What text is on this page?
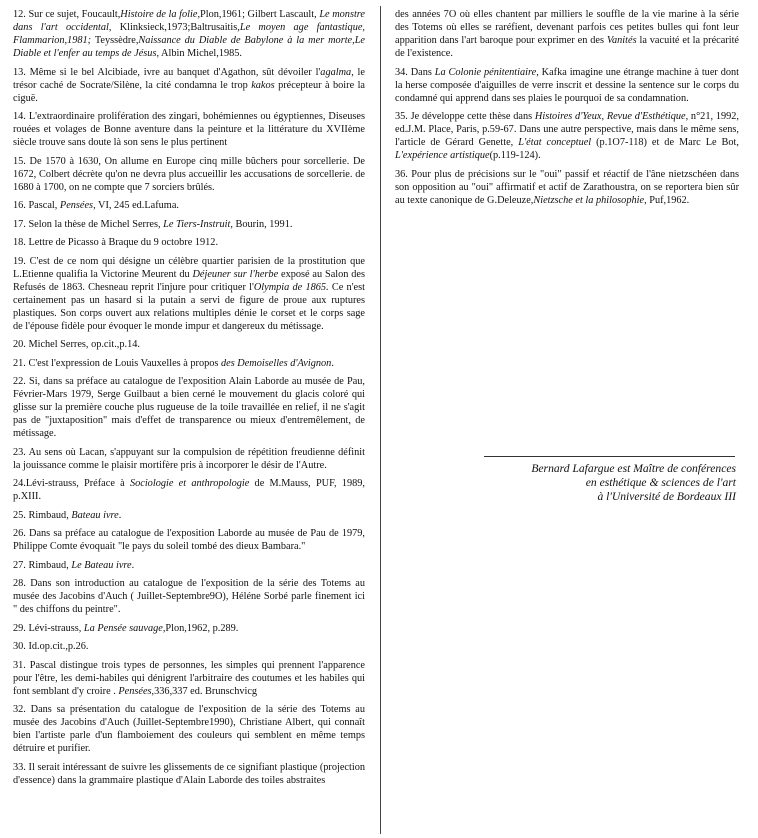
12. Sur ce sujet, Foucault,Histoire de la folie,Plon,1961; Gilbert Lascault, Le monstre dans l'art occidental, Klinksieck,1973;Baltrusaitis,Le moyen age fantastique, Flammarion,1981; Teyssèdre,Naissance du Diable de Babylone à la mer morte,Le Diable et l'enfer au temps de Jésus, Albin Michel,1985.

13. Même si le bel Alcibiade, ivre au banquet d'Agathon, sût dévoiler l'agalma, le trésor caché de Socrate/Silène, la cité condamna le trop kakos précepteur à boire la ciguë.

14. L'extraordinaire prolifération des zingari, bohémiennes ou égyptiennes, Diseuses rouées et volages de Bonne aventure dans la peinture et la littérature du XVIIème siècle trouve sans doute là son sens le plus pertinent

15. De 1570 à 1630, On allume en Europe cinq mille bûchers pour sorcellerie. De 1672, Colbert décrète qu'on ne devra plus accueillir les accusations de sorcellerie. de 1680 à 1700, on ne compte que 7 sorciers brûlés.

16. Pascal, Pensées, VI, 245 ed.Lafuma.

17. Selon la thèse de Michel Serres, Le Tiers-Instruit, Bourin, 1991.

18. Lettre de Picasso à Braque du 9 octobre 1912.

19. C'est de ce nom qui désigne un célèbre quartier parisien de la prostitution que L.Etienne qualifia la Victorine Meurent du Déjeuner sur l'herbe exposé au Salon des Refusés de 1863. Chesneau reprit l'injure pour critiquer l'Olympia de 1865. Ce n'est certainement pas un hasard si la putain a servi de figure de proue aux ruptures plastiques. Son corps ouvert aux relations multiples dénie le corset et le corps sage de l'épouse fidèle pour évoquer le monde impur et dangereux du métissage.

20. Michel Serres, op.cit.,p.14.

21. C'est l'expression de Louis Vauxelles à propos des Demoiselles d'Avignon.

22. Si, dans sa préface au catalogue de l'exposition Alain Laborde au musée de Pau, Février-Mars 1979, Serge Guilbaut a bien cerné le mouvement du glacis coloré qui glisse sur la première couche plus rugueuse de la toile travaillée en relief, il ne s'agit pas de "juxtaposition" mais d'effet de transparence ou mieux d'entremêlement, de métissage.

23. Au sens où Lacan, s'appuyant sur la compulsion de répétition freudienne définit la jouissance comme le plaisir mortifère pris à incorporer le désir de l'Autre.

24.Lévi-strauss, Préface à Sociologie et anthropologie de M.Mauss, PUF, 1989, p.XIII.

25. Rimbaud, Bateau ivre.

26. Dans sa préface au catalogue de l'exposition Laborde au musée de Pau de 1979, Philippe Comte évoquait "le pays du soleil tombé des dieux Bambara."

27. Rimbaud, Le Bateau ivre.

28. Dans son introduction au catalogue de l'exposition de la série des Totems au musée des Jacobins d'Auch ( Juillet-Septembre9O), Héléne Sorbé parle finement ici " des chiffons du peintre".

29. Lévi-strauss, La Pensée sauvage,Plon,1962, p.289.

30. Id.op.cit.,p.26.

31. Pascal distingue trois types de personnes, les simples qui prennent l'apparence pour l'être, les demi-habiles qui dénigrent l'arbitraire des coutumes et les habiles qui font semblant d'y croire . Pensées,336,337 ed. Brunschvicg

32. Dans sa présentation du catalogue de l'exposition de la série des Totems au musée des Jacobins d'Auch (Juillet-Septembre1990), Christiane Albert, qui connaît bien l'artiste parle d'un flamboiement des couleurs qui semblent en même temps détruire et purifier.

33. Il serait intéressant de suivre les glissements de ce signifiant plastique (projection d'essence) dans la grammaire plastique d'Alain Laborde des toiles abstraites

des années 7O où elles chantent par milliers le souffle de la vie marine à la série des Totems où elles se raréfient, devenant parfois ces petites bulles qui font leur apparition dans l'art baroque pour exprimer en des Vanités la vacuité et la précarité de l'existence.

34. Dans La Colonie pénitentiaire, Kafka imagine une étrange machine à tuer dont la herse composée d'aiguilles de verre inscrit et dessine la sentence sur le corps du condamné qui apprend dans ses plaies le pourquoi de sa condamnation.

35. Je développe cette thèse dans Histoires d'Yeux, Revue d'Esthétique, n°21, 1992, ed.J.M. Place, Paris, p.59-67. Dans une autre perspective, mais dans le même sens, l'article de Gérard Genette, L'état conceptuel (p.1O7-118) et de Marc Le Bot, L'expérience artistique(p.119-124).

36. Pour plus de précisions sur le "oui" passif et réactif de l'âne nietzschéen dans son opposition au "oui" affirmatif et actif de Zarathoustra, on se reportera bien sûr au texte canonique de G.Deleuze,Nietzsche et la philosophie, Puf,1962.

Bernard Lafargue est Maître de conférences
en esthétique & sciences de l'art
à l'Université de Bordeaux III
